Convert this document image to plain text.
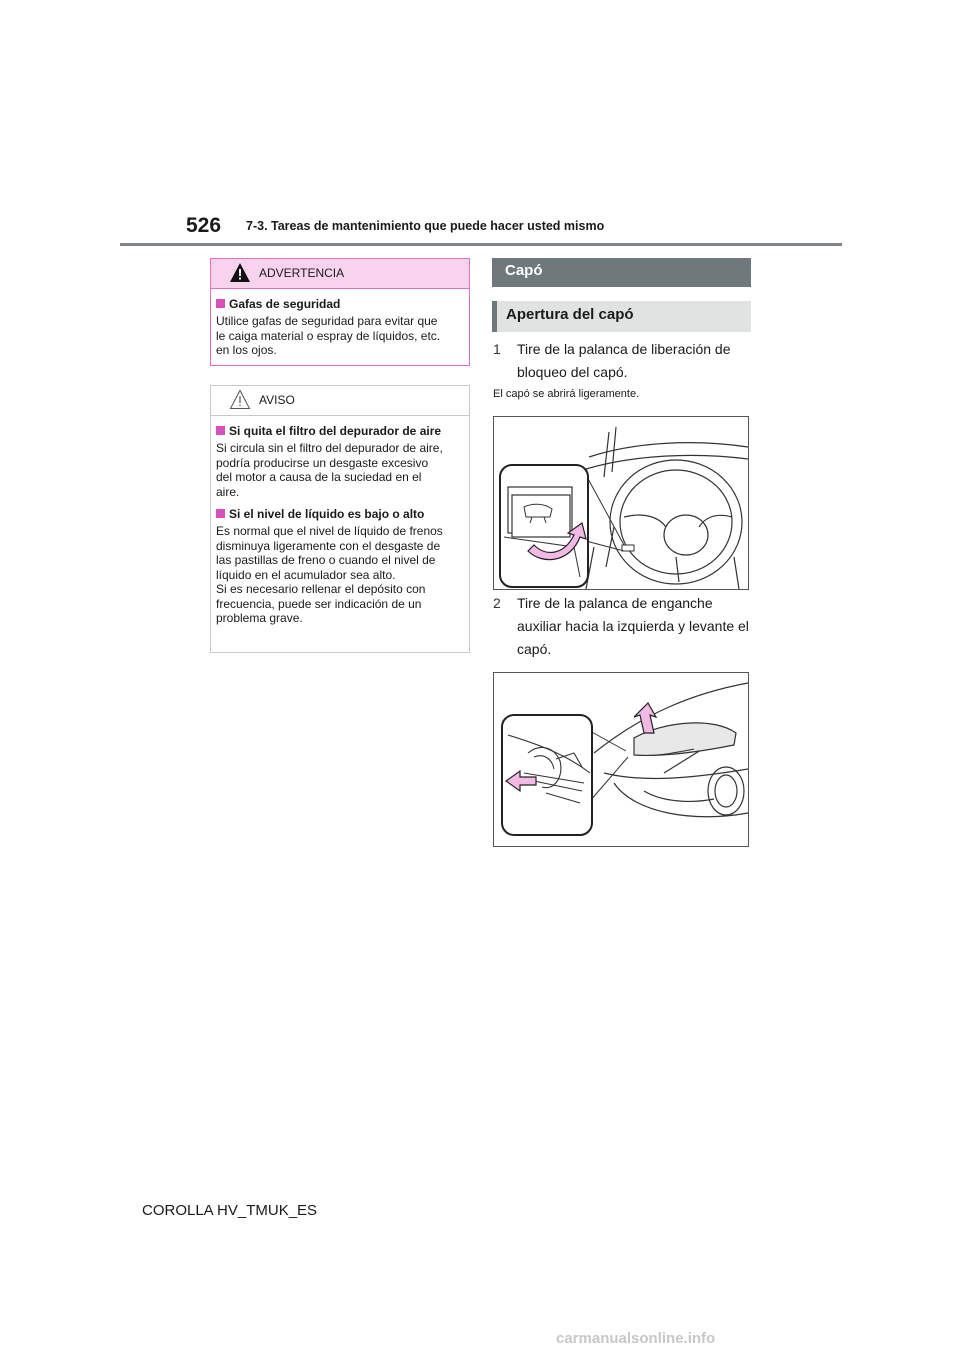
526 7-3. Tareas de mantenimiento que puede hacer usted mismo
ADVERTENCIA
Gafas de seguridad
Utilice gafas de seguridad para evitar que
le caiga material o espray de líquidos, etc.
en los ojos.
AVISO
Si quita el filtro del depurador de aire
Si circula sin el filtro del depurador de aire,
podría producirse un desgaste excesivo
del motor a causa de la suciedad en el
aire.
Si el nivel de líquido es bajo o alto
Es normal que el nivel de líquido de frenos
disminuya ligeramente con el desgaste de
las pastillas de freno o cuando el nivel de
líquido en el acumulador sea alto.
Si es necesario rellenar el depósito con
frecuencia, puede ser indicación de un
problema grave.
Capó
Apertura del capó
1 Tire de la palanca de liberación de bloqueo del capó.
El capó se abrirá ligeramente.
2 Tire de la palanca de enganche auxiliar hacia la izquierda y levante el capó.
COROLLA HV_TMUK_ES
carmanualsonline.info
